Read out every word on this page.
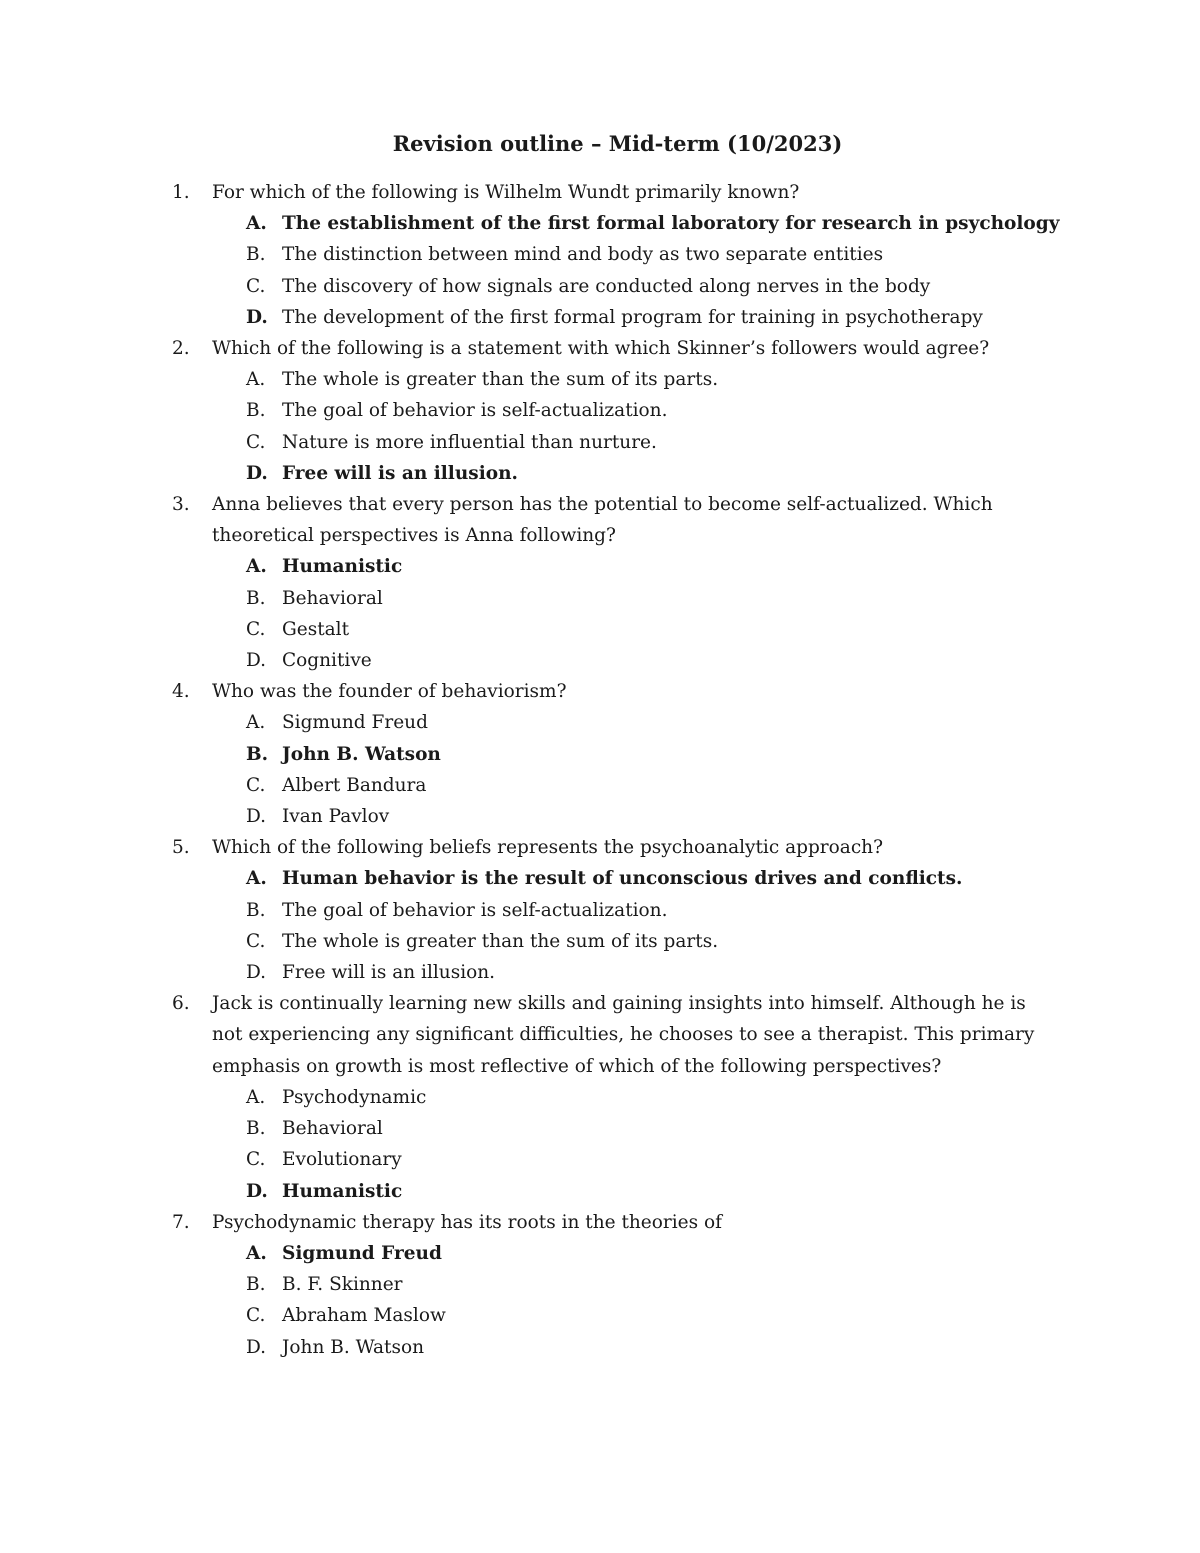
Revision outline – Mid-term (10/2023)
1.	For which of the following is Wilhelm Wundt primarily known?
A. The establishment of the first formal laboratory for research in psychology
B. The distinction between mind and body as two separate entities
C. The discovery of how signals are conducted along nerves in the body
D. The development of the first formal program for training in psychotherapy
2.	Which of the following is a statement with which Skinner’s followers would agree?
A. The whole is greater than the sum of its parts.
B. The goal of behavior is self-actualization.
C. Nature is more influential than nurture.
D. Free will is an illusion.
3.	Anna believes that every person has the potential to become self-actualized. Which theoretical perspectives is Anna following?
A. Humanistic
B. Behavioral
C. Gestalt
D. Cognitive
4.	Who was the founder of behaviorism?
A. Sigmund Freud
B. John B. Watson
C. Albert Bandura
D. Ivan Pavlov
5.	Which of the following beliefs represents the psychoanalytic approach?
A. Human behavior is the result of unconscious drives and conflicts.
B. The goal of behavior is self-actualization.
C. The whole is greater than the sum of its parts.
D. Free will is an illusion.
6.	Jack is continually learning new skills and gaining insights into himself. Although he is not experiencing any significant difficulties, he chooses to see a therapist. This primary emphasis on growth is most reflective of which of the following perspectives?
A. Psychodynamic
B. Behavioral
C. Evolutionary
D. Humanistic
7.	Psychodynamic therapy has its roots in the theories of
A. Sigmund Freud
B. B. F. Skinner
C. Abraham Maslow
D. John B. Watson
